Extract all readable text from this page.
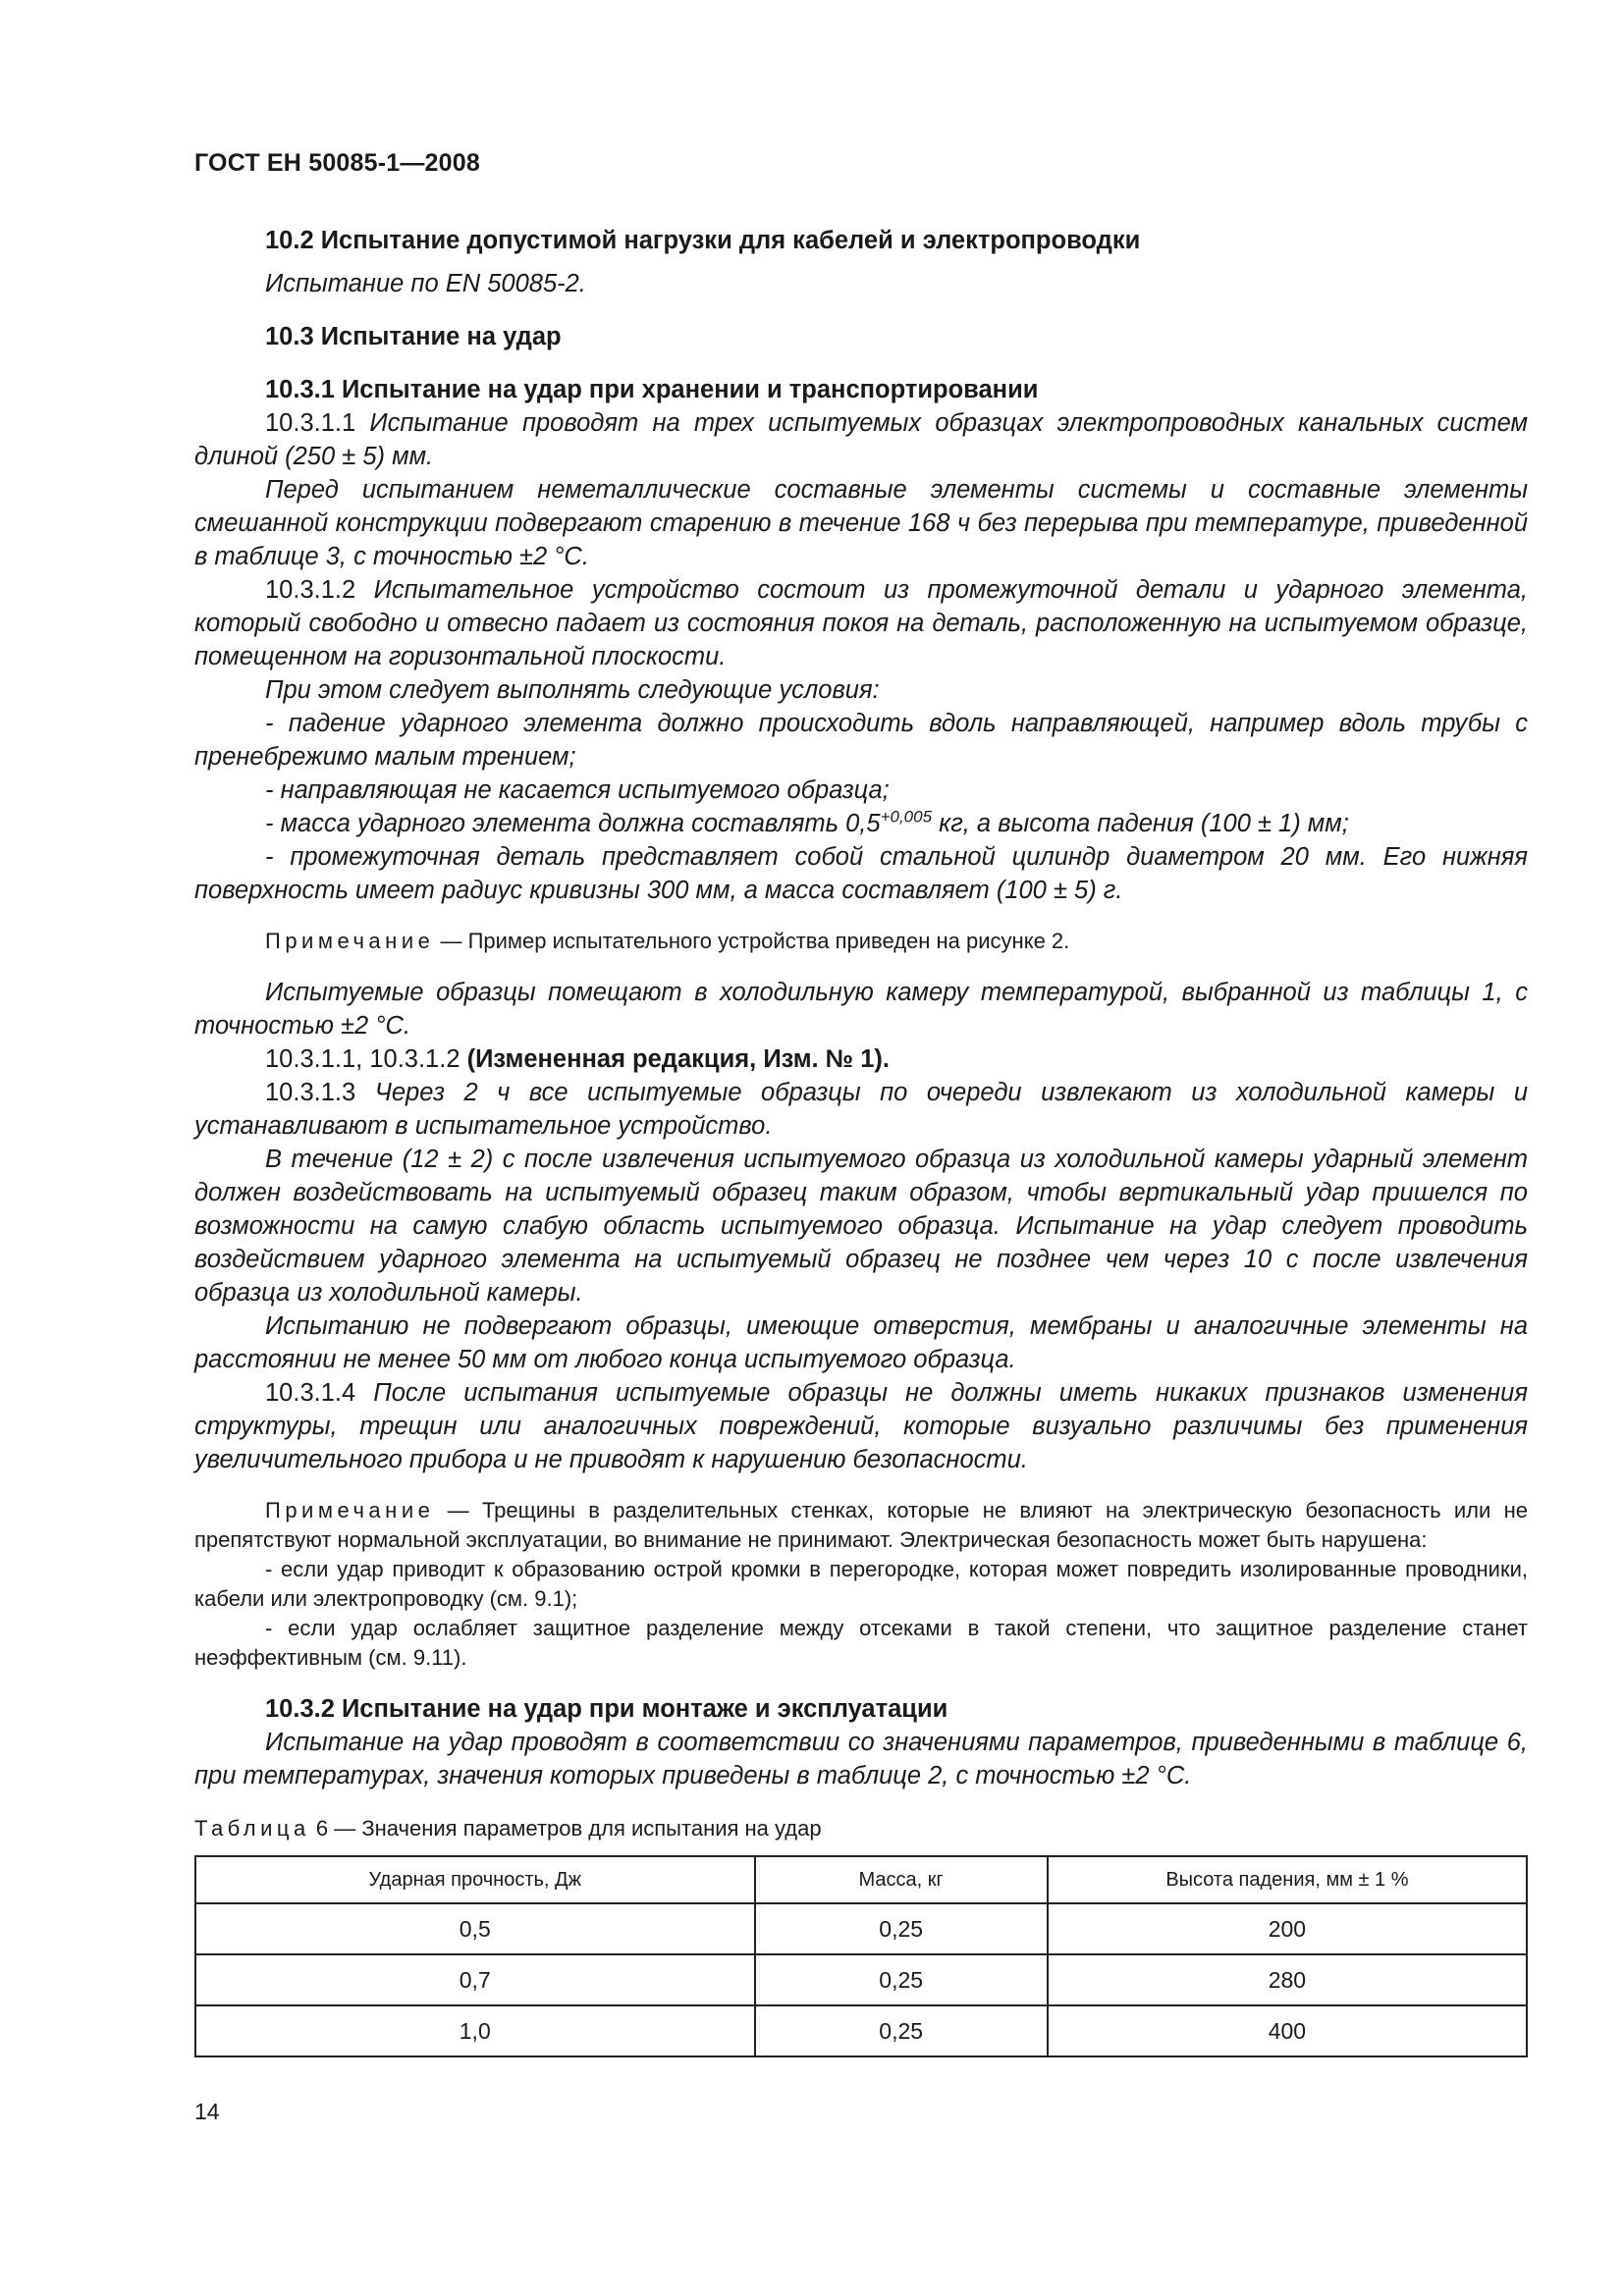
ГОСТ ЕН 50085-1—2008

10.2 Испытание допустимой нагрузки для кабелей и электропроводки

Испытание по EN 50085-2.

10.3 Испытание на удар

10.3.1 Испытание на удар при хранении и транспортировании

10.3.1.1 Испытание проводят на трех испытуемых образцах электропроводных канальных систем длиной (250 ± 5) мм.

Перед испытанием неметаллические составные элементы системы и составные элементы смешанной конструкции подвергают старению в течение 168 ч без перерыва при температуре, приведенной в таблице 3, с точностью ±2 °C.

10.3.1.2 Испытательное устройство состоит из промежуточной детали и ударного элемента, который свободно и отвесно падает из состояния покоя на деталь, расположенную на испытуемом образце, помещенном на горизонтальной плоскости.

При этом следует выполнять следующие условия:

- падение ударного элемента должно происходить вдоль направляющей, например вдоль трубы с пренебрежимо малым трением;

- направляющая не касается испытуемого образца;

- масса ударного элемента должна составлять $0,5^{+0,005}$ кг, а высота падения (100 ± 1) мм;

- промежуточная деталь представляет собой стальной цилиндр диаметром 20 мм. Его нижняя поверхность имеет радиус кривизны 300 мм, а масса составляет (100 ± 5) г.

Примечание — Пример испытательного устройства приведен на рисунке 2.

Испытуемые образцы помещают в холодильную камеру температурой, выбранной из таблицы 1, с точностью ±2 °C.

10.3.1.1, 10.3.1.2 (Измененная редакция, Изм. № 1).

10.3.1.3 Через 2 ч все испытуемые образцы по очереди извлекают из холодильной камеры и устанавливают в испытательное устройство.

В течение (12 ± 2) с после извлечения испытуемого образца из холодильной камеры ударный элемент должен воздействовать на испытуемый образец таким образом, чтобы вертикальный удар пришелся по возможности на самую слабую область испытуемого образца. Испытание на удар следует проводить воздействием ударного элемента на испытуемый образец не позднее чем через 10 с после извлечения образца из холодильной камеры.

Испытанию не подвергают образцы, имеющие отверстия, мембраны и аналогичные элементы на расстоянии не менее 50 мм от любого конца испытуемого образца.

10.3.1.4 После испытания испытуемые образцы не должны иметь никаких признаков изменения структуры, трещин или аналогичных повреждений, которые визуально различимы без применения увеличительного прибора и не приводят к нарушению безопасности.

Примечание — Трещины в разделительных стенках, которые не влияют на электрическую безопасность или не препятствуют нормальной эксплуатации, во внимание не принимают. Электрическая безопасность может быть нарушена:

- если удар приводит к образованию острой кромки в перегородке, которая может повредить изолированные проводники, кабели или электропроводку (см. 9.1);

- если удар ослабляет защитное разделение между отсеками в такой степени, что защитное разделение станет неэффективным (см. 9.11).

10.3.2 Испытание на удар при монтаже и эксплуатации

Испытание на удар проводят в соответствии со значениями параметров, приведенными в таблице 6, при температурах, значения которых приведены в таблице 2, с точностью ±2 °C.

Таблица 6 — Значения параметров для испытания на удар

Ударная прочность, Дж	Масса, кг	Высота падения, мм ± 1 %
0,5	0,25	200
0,7	0,25	280
1,0	0,25	400
14
